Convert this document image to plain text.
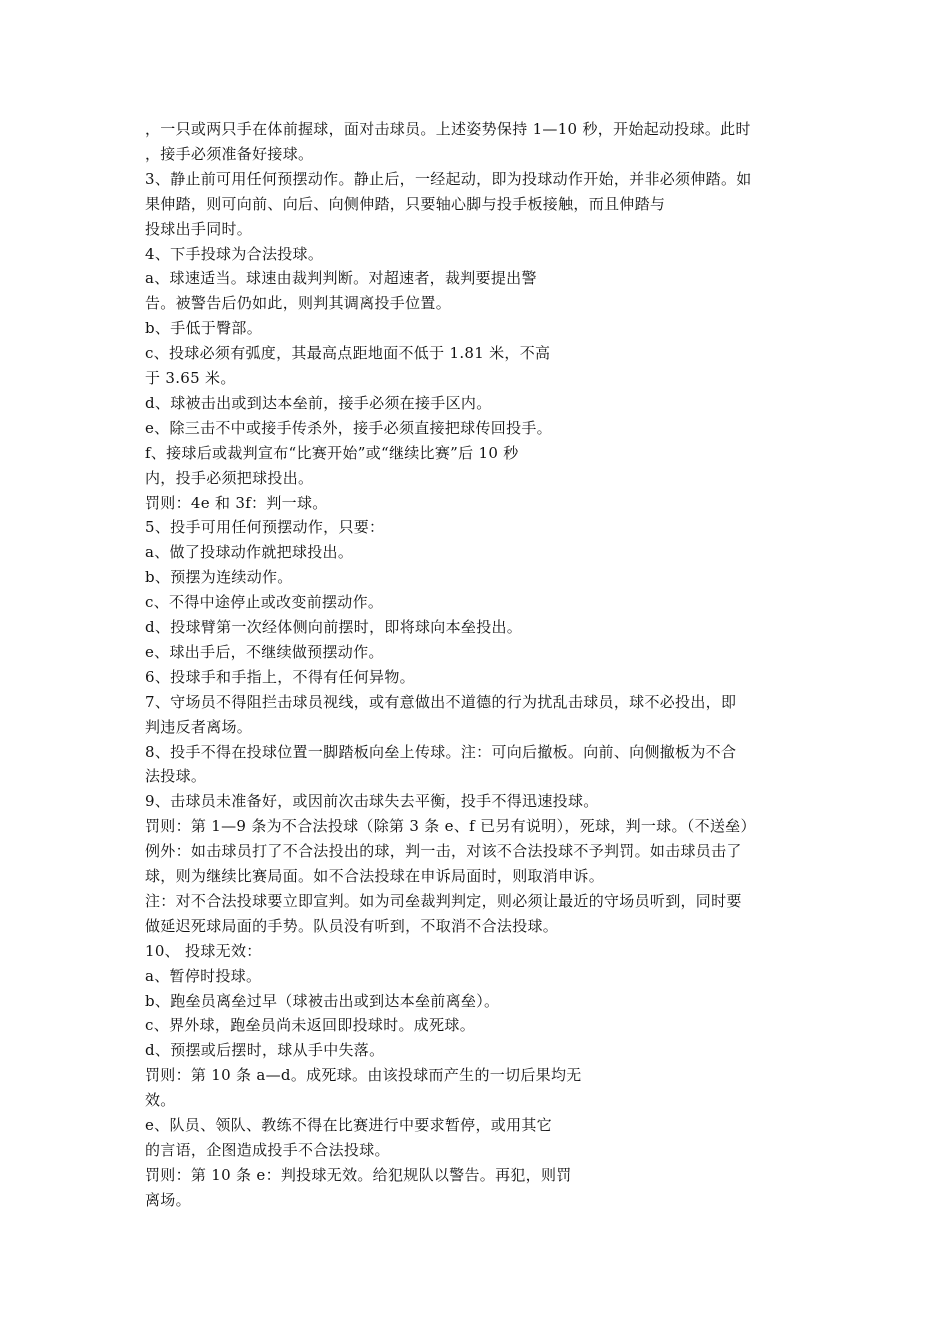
，一只或两只手在体前握球，面对击球员。上述姿势保持 1—10 秒，开始起动投球。此时

，接手必须准备好接球。

3、静止前可用任何预摆动作。静止后，一经起动，即为投球动作开始，并非必须伸踏。如

果伸踏，则可向前、向后、向侧伸踏，只要轴心脚与投手板接触，而且伸踏与

投球出手同时。

4、下手投球为合法投球。

a、球速适当。球速由裁判判断。对超速者，裁判要提出警

告。被警告后仍如此，则判其调离投手位置。

b、手低于臀部。

c、投球必须有弧度，其最高点距地面不低于 1.81 米，不高

于 3.65 米。

d、球被击出或到达本垒前，接手必须在接手区内。

e、除三击不中或接手传杀外，接手必须直接把球传回投手。

f、接球后或裁判宣布“比赛开始”或“继续比赛”后 10 秒

内，投手必须把球投出。

罚则：4e 和 3f：判一球。

5、投手可用任何预摆动作，只要：

a、做了投球动作就把球投出。

b、预摆为连续动作。

c、不得中途停止或改变前摆动作。

d、投球臂第一次经体侧向前摆时，即将球向本垒投出。

e、球出手后，不继续做预摆动作。

6、投球手和手指上，不得有任何异物。

7、守场员不得阻拦击球员视线，或有意做出不道德的行为扰乱击球员，球不必投出，即

判违反者离场。

8、投手不得在投球位置一脚踏板向垒上传球。注：可向后撤板。向前、向侧撤板为不合

法投球。

9、击球员未准备好，或因前次击球失去平衡，投手不得迅速投球。

罚则：第 1—9 条为不合法投球（除第 3 条 e、f 已另有说明），死球，判一球。（不送垒）

例外：如击球员打了不合法投出的球，判一击，对该不合法投球不予判罚。如击球员击了

球，则为继续比赛局面。如不合法投球在申诉局面时，则取消申诉。

注：对不合法投球要立即宣判。如为司垒裁判判定，则必须让最近的守场员听到，同时要

做延迟死球局面的手势。队员没有听到，不取消不合法投球。

10、 投球无效：

a、暂停时投球。

b、跑垒员离垒过早（球被击出或到达本垒前离垒）。

c、界外球，跑垒员尚未返回即投球时。成死球。

d、预摆或后摆时，球从手中失落。

罚则：第 10 条 a—d。成死球。由该投球而产生的一切后果均无

效。

e、队员、领队、教练不得在比赛进行中要求暂停，或用其它

的言语，企图造成投手不合法投球。

罚则：第 10 条 e：判投球无效。给犯规队以警告。再犯，则罚

离场。
